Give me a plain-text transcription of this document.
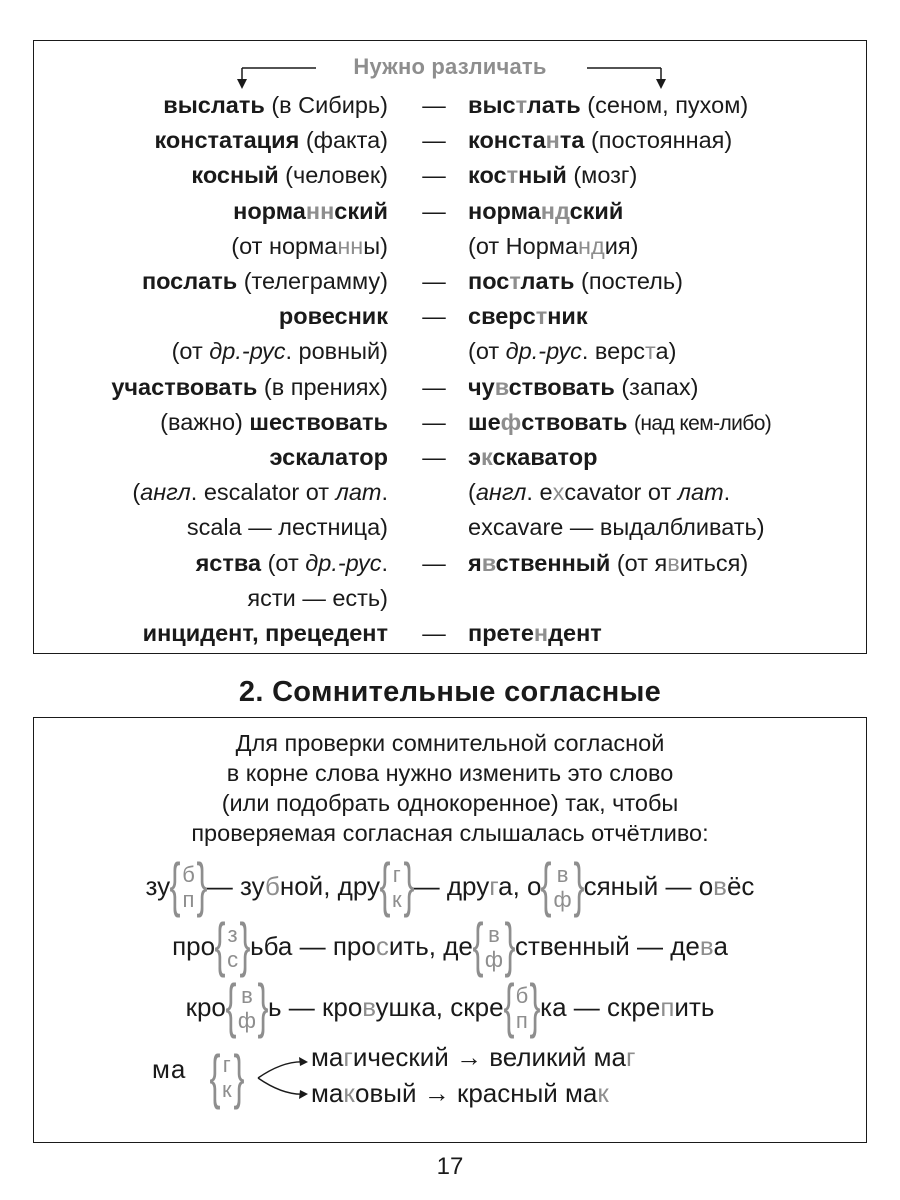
Нужно различать
выслать (в Сибирь)	— выстлать (сеном, пухом)
констатация (факта)	— константа (постоянная)
косный (человек)	— костный (мозг)
норманнский	— нормандский
(от норманны)	(от Нормандия)
послать (телеграмму)	— постлать (постель)
ровесник	— сверстник
(от др.-рус. ровный)	(от др.-рус. верста)
участвовать (в прениях)	— чувствовать (запах)
(важно) шествовать	— шефствовать (над кем-либо)
эскалатор	— экскаватор
(англ. escalator от лат.	(англ. excavator от лат.
scala — лестница)	excavare — выдалбливать)
яства (от др.-рус.	— явственный (от явиться)
ясти — есть)
инцидент, прецедент	— претендент
2. Сомнительные согласные
Для проверки сомнительной согласной
в корне слова нужно изменить это слово
(или подобрать однокоренное) так, чтобы
проверяемая согласная слышалась отчётливо:
зу { б
п } — зубной, дру { г
к } — друга, о { в
ф } сяный — овёс
про { з
с } ьба — просить, де { в
ф } ственный — дева
кро { в
ф } ь — кровушка, скре { б
п } ка — скрепить
ма { г
к }	магический → великий маг
маковый → красный мак
17
